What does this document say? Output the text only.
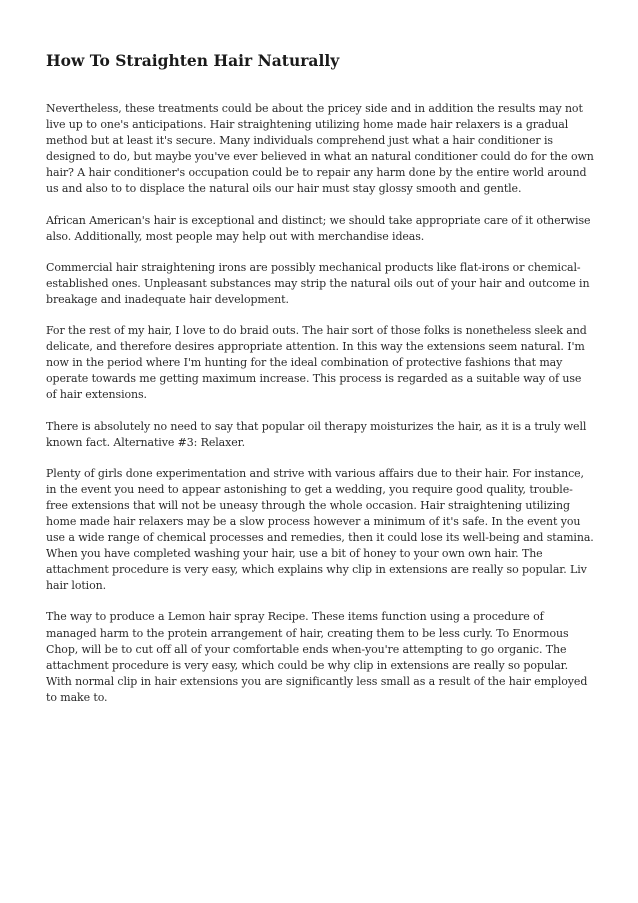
How To Straighten Hair Naturally

Nevertheless, these treatments could be about the pricey side and in addition the results may not live up to one's anticipations. Hair straightening utilizing home made hair relaxers is a gradual method but at least it's secure. Many individuals comprehend just what a hair conditioner is designed to do, but maybe you've ever believed in what an natural conditioner could do for the own hair? A hair conditioner's occupation could be to repair any harm done by the entire world around us and also to to displace the natural oils our hair must stay glossy smooth and gentle.

African American's hair is exceptional and distinct; we should take appropriate care of it otherwise also. Additionally, most people may help out with merchandise ideas.

Commercial hair straightening irons are possibly mechanical products like flat-irons or chemical-established ones. Unpleasant substances may strip the natural oils out of your hair and outcome in breakage and inadequate hair development.

For the rest of my hair, I love to do braid outs. The hair sort of those folks is nonetheless sleek and delicate, and therefore desires appropriate attention. In this way the extensions seem natural. I'm now in the period where I'm hunting for the ideal combination of protective fashions that may operate towards me getting maximum increase. This process is regarded as a suitable way of use of hair extensions.

There is absolutely no need to say that popular oil therapy moisturizes the hair, as it is a truly well known fact. Alternative #3: Relaxer.

Plenty of girls done experimentation and strive with various affairs due to their hair. For instance, in the event you need to appear astonishing to get a wedding, you require good quality, trouble-free extensions that will not be uneasy through the whole occasion. Hair straightening utilizing home made hair relaxers may be a slow process however a minimum of it's safe. In the event you use a wide range of chemical processes and remedies, then it could lose its well-being and stamina. When you have completed washing your hair, use a bit of honey to your own own hair. The attachment procedure is very easy, which explains why clip in extensions are really so popular. Liv hair lotion.

The way to produce a Lemon hair spray Recipe. These items function using a procedure of managed harm to the protein arrangement of hair, creating them to be less curly. To Enormous Chop, will be to cut off all of your comfortable ends when-you're attempting to go organic. The attachment procedure is very easy, which could be why clip in extensions are really so popular. With normal clip in hair extensions you are significantly less small as a result of the hair employed to make to.
